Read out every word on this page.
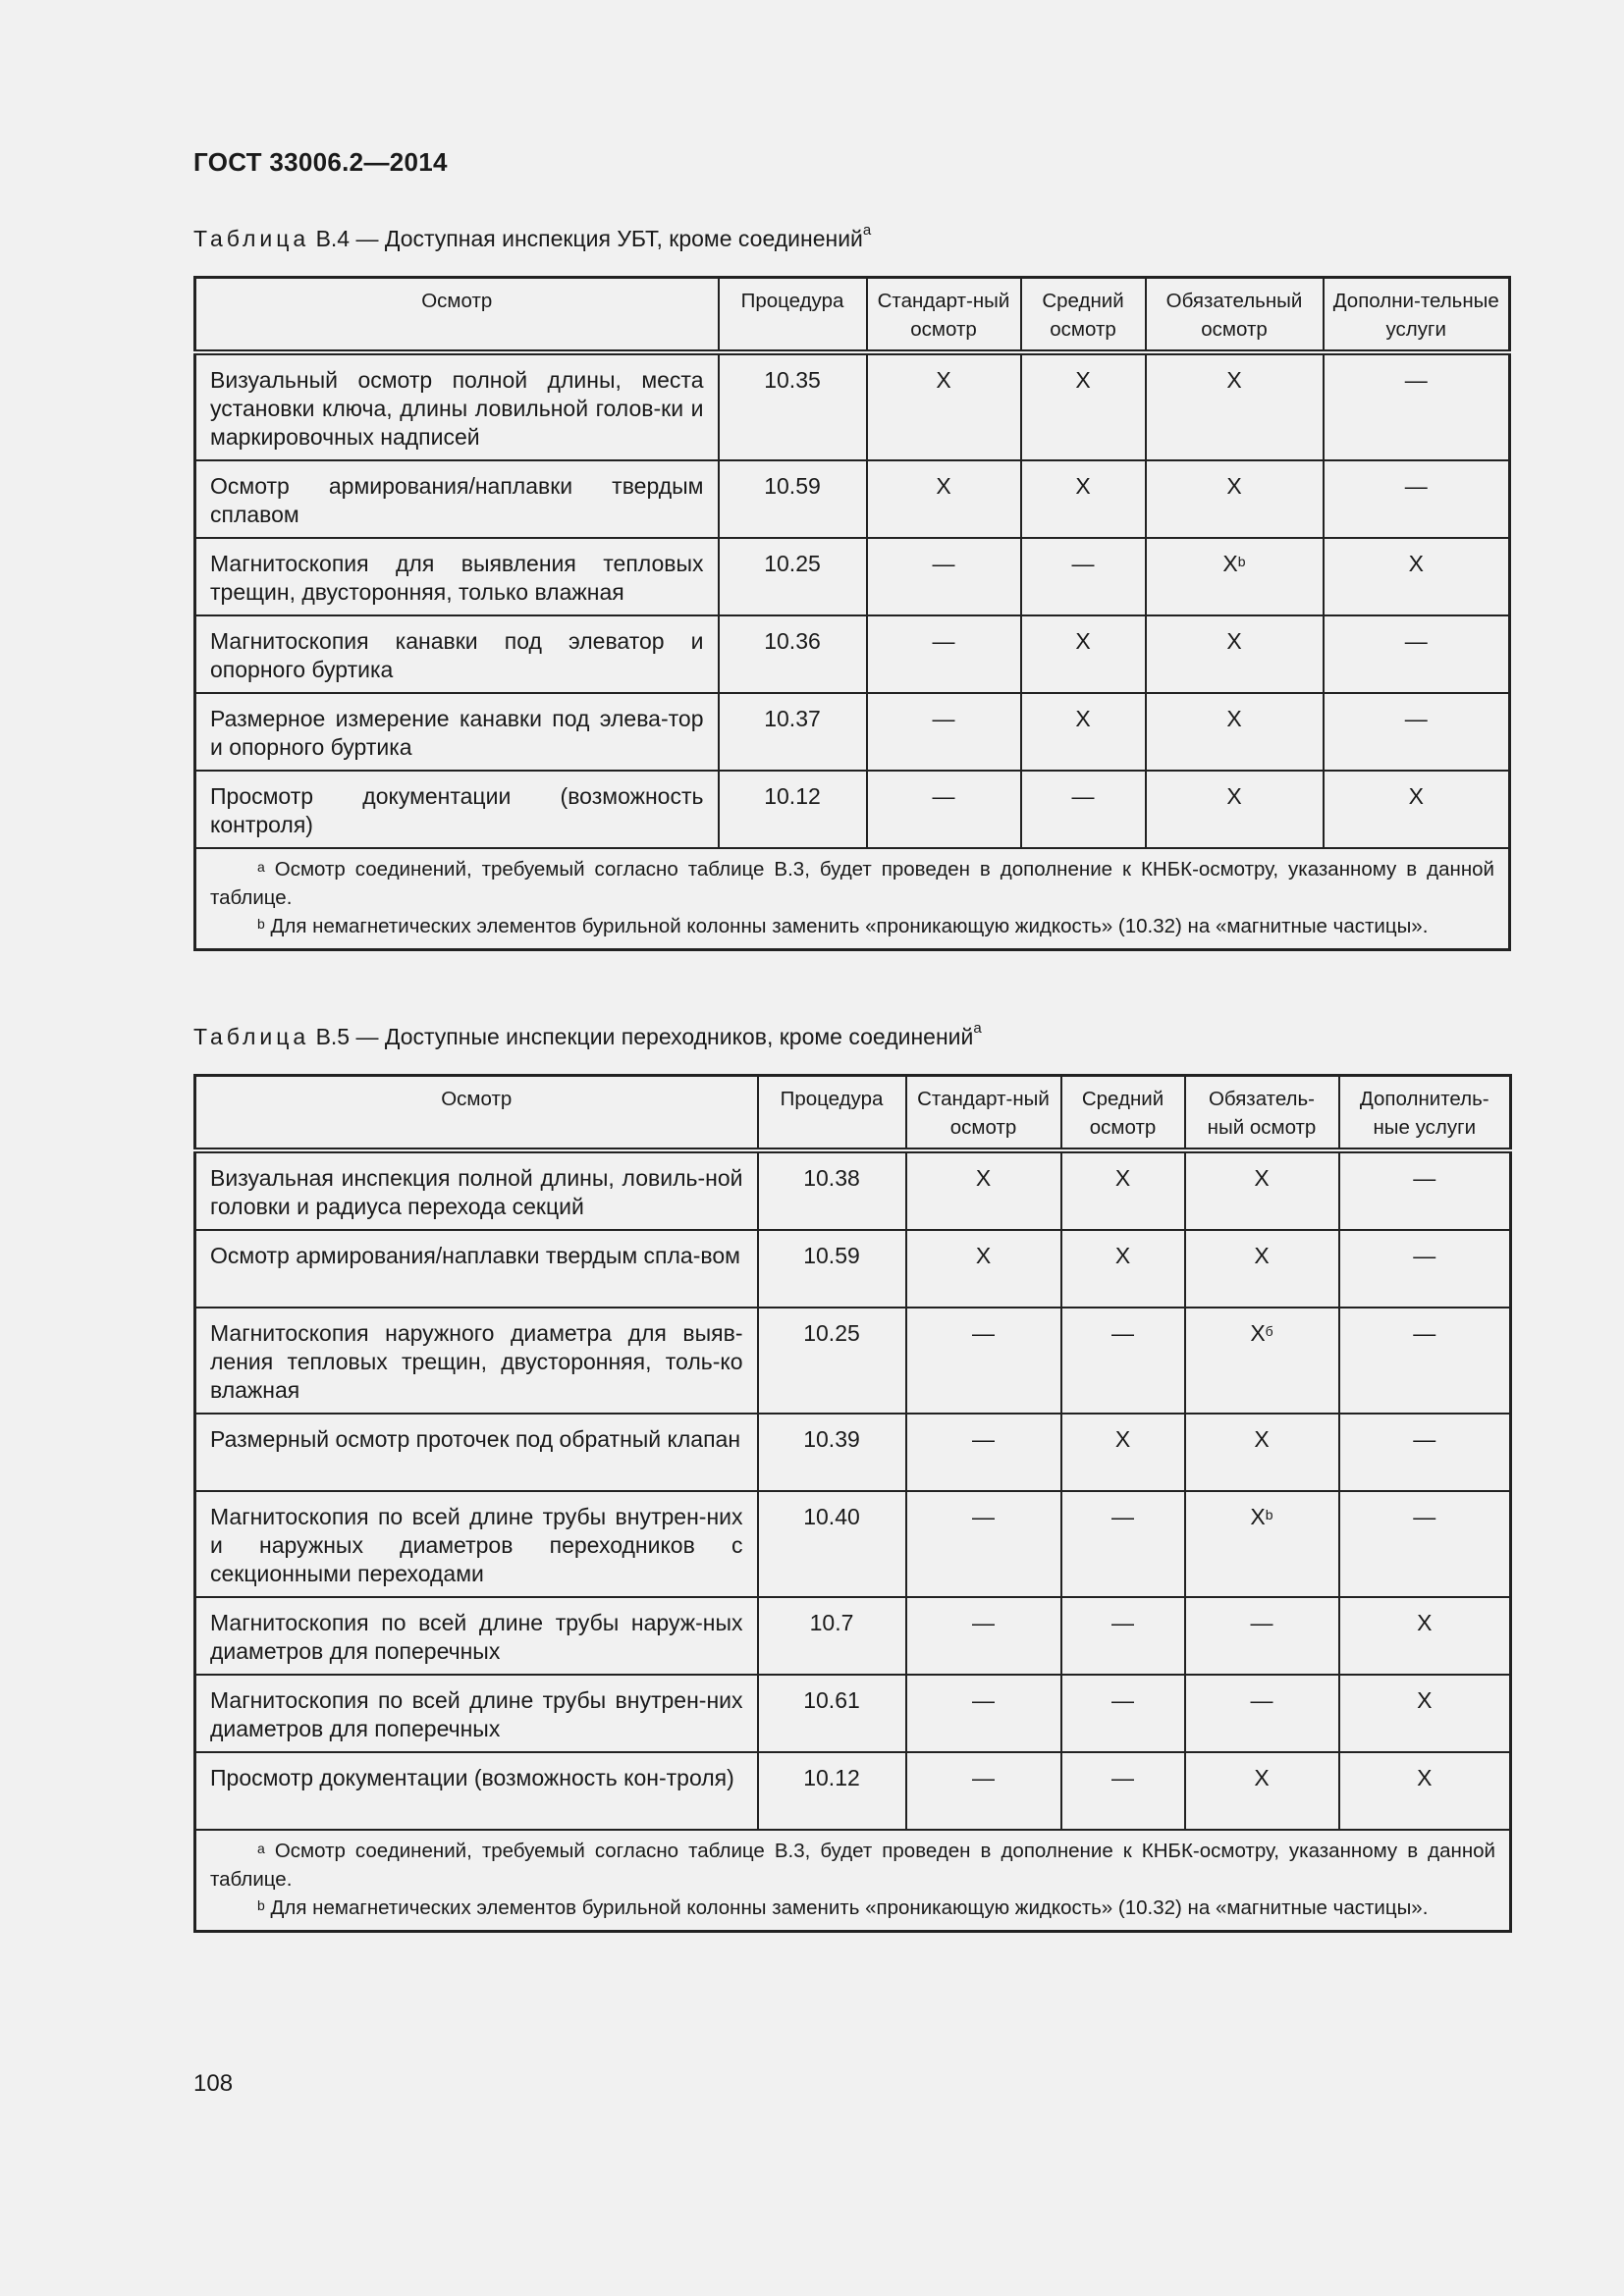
ГОСТ 33006.2—2014
Таблица В.4 — Доступная инспекция УБТ, кроме соединений$^a$
Осмотр	Процедура	Стандарт-ный осмотр	Средний осмотр	Обязательный осмотр	Дополни-тельные услуги
Визуальный осмотр полной длины, места установки ключа, длины ловильной голов-ки и маркировочных надписей	10.35	X	X	X	—
Осмотр армирования/наплавки твердым сплавом	10.59	X	X	X	—
Магнитоскопия для выявления тепловых трещин, двусторонняя, только влажная	10.25	—	—	$X^b$	X
Магнитоскопия канавки под элеватор и опорного буртика	10.36	—	X	X	—
Размерное измерение канавки под элева-тор и опорного буртика	10.37	—	X	X	—
Просмотр документации (возможность контроля)	10.12	—	—	X	X

$^a$ Осмотр соединений, требуемый согласно таблице В.3, будет проведен в дополнение к КНБК-осмотру, указанному в данной таблице.
$^b$ Для немагнетических элементов бурильной колонны заменить «проникающую жидкость» (10.32) на «магнитные частицы».					
Таблица В.5 — Доступные инспекции переходников, кроме соединений$^a$
Осмотр	Процедура	Стандарт-ный осмотр	Средний осмотр	Обязатель-ный осмотр	Дополнитель-ные услуги
Визуальная инспекция полной длины, ловиль-ной головки и радиуса перехода секций	10.38	X	X	X	—
Осмотр армирования/наплавки твердым спла-вом	10.59	X	X	X	—
Магнитоскопия наружного диаметра для выяв-ления тепловых трещин, двусторонняя, толь-ко влажная	10.25	—	—	$X^б$	—
Размерный осмотр проточек под обратный клапан	10.39	—	X	X	—
Магнитоскопия по всей длине трубы внутрен-них и наружных диаметров переходников с секционными переходами	10.40	—	—	$X^b$	—
Магнитоскопия по всей длине трубы наруж-ных диаметров для поперечных	10.7	—	—	—	X
Магнитоскопия по всей длине трубы внутрен-них диаметров для поперечных	10.61	—	—	—	X
Просмотр документации (возможность кон-троля)	10.12	—	—	X	X

$^a$ Осмотр соединений, требуемый согласно таблице В.3, будет проведен в дополнение к КНБК-осмотру, указанному в данной таблице.
$^b$ Для немагнетических элементов бурильной колонны заменить «проникающую жидкость» (10.32) на «магнитные частицы».					
108
